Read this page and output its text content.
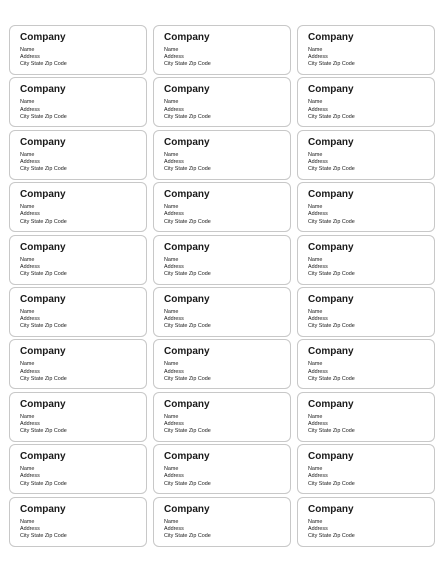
Company
Name
Address
City State Zip Code
Company
Name
Address
City State Zip Code
Company
Name
Address
City State Zip Code
Company
Name
Address
City State Zip Code
Company
Name
Address
City State Zip Code
Company
Name
Address
City State Zip Code
Company
Name
Address
City State Zip Code
Company
Name
Address
City State Zip Code
Company
Name
Address
City State Zip Code
Company
Name
Address
City State Zip Code
Company
Name
Address
City State Zip Code
Company
Name
Address
City State Zip Code
Company
Name
Address
City State Zip Code
Company
Name
Address
City State Zip Code
Company
Name
Address
City State Zip Code
Company
Name
Address
City State Zip Code
Company
Name
Address
City State Zip Code
Company
Name
Address
City State Zip Code
Company
Name
Address
City State Zip Code
Company
Name
Address
City State Zip Code
Company
Name
Address
City State Zip Code
Company
Name
Address
City State Zip Code
Company
Name
Address
City State Zip Code
Company
Name
Address
City State Zip Code
Company
Name
Address
City State Zip Code
Company
Name
Address
City State Zip Code
Company
Name
Address
City State Zip Code
Company
Name
Address
City State Zip Code
Company
Name
Address
City State Zip Code
Company
Name
Address
City State Zip Code
